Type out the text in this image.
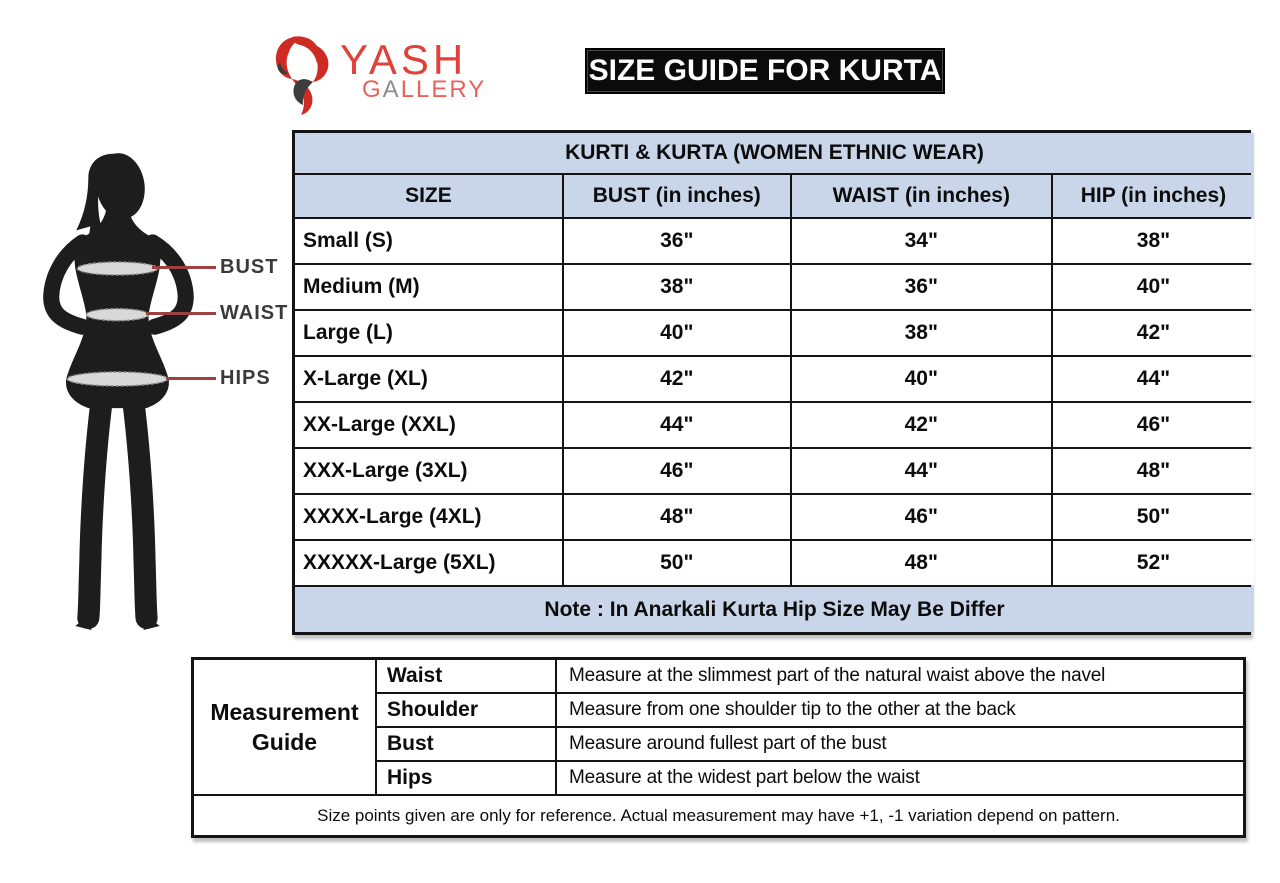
YASH
GALLERY
SIZE GUIDE FOR KURTA
BUST
WAIST
HIPS
KURTI & KURTA (WOMEN ETHNIC WEAR)
SIZE	BUST (in inches)	WAIST (in inches)	HIP (in inches)
Small (S)	36"	34"	38"
Medium (M)	38"	36"	40"
Large (L)	40"	38"	42"
X-Large (XL)	42"	40"	44"
XX-Large (XXL)	44"	42"	46"
XXX-Large (3XL)	46"	44"	48"
XXXX-Large (4XL)	48"	46"	50"
XXXXX-Large (5XL)	50"	48"	52"
Note : In Anarkali Kurta Hip Size May Be Differ
Measurement
Guide
Waist	Measure at the slimmest part of the natural waist above the navel
Shoulder	Measure from one shoulder tip to the other at the back
Bust	Measure around fullest part of the bust
Hips	Measure at the widest part below the waist
Size points given are only for reference. Actual measurement may have +1, -1 variation depend on pattern.
